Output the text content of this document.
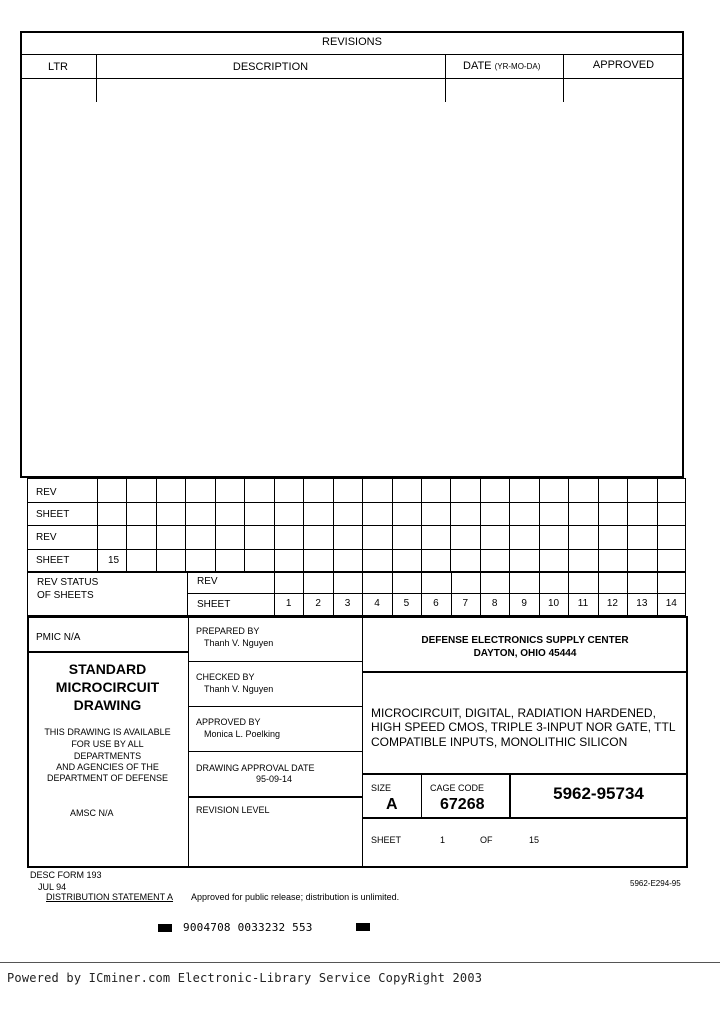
REVISIONS
LTR	DESCRIPTION	DATE (YR-MO-DA)	APPROVED
REV
SHEET
REV
SHEET	15
REV STATUS
OF SHEETS
REV
SHEET	1	2	3	4	5	6	7	8	9	10	11	12	13	14
PMIC N/A
STANDARD
MICROCIRCUIT
DRAWING
THIS DRAWING IS AVAILABLE
FOR USE BY ALL
DEPARTMENTS
AND AGENCIES OF THE
DEPARTMENT OF DEFENSE
AMSC N/A
PREPARED BY
Thanh V. Nguyen
CHECKED BY
Thanh V. Nguyen
APPROVED BY
Monica L. Poelking
DRAWING APPROVAL DATE
95-09-14
REVISION LEVEL
DEFENSE ELECTRONICS SUPPLY CENTER
DAYTON, OHIO 45444
MICROCIRCUIT, DIGITAL, RADIATION HARDENED,
HIGH SPEED CMOS, TRIPLE 3-INPUT NOR GATE, TTL
COMPATIBLE INPUTS, MONOLITHIC SILICON
SIZE
A
CAGE CODE
67268
5962-95734
SHEET	1	OF	15
DESC FORM 193
JUL 94	5962-E294-95
DISTRIBUTION STATEMENT A Approved for public release; distribution is unlimited.
9004708 0033232 553
Powered by ICminer.com Electronic-Library Service CopyRight 2003
